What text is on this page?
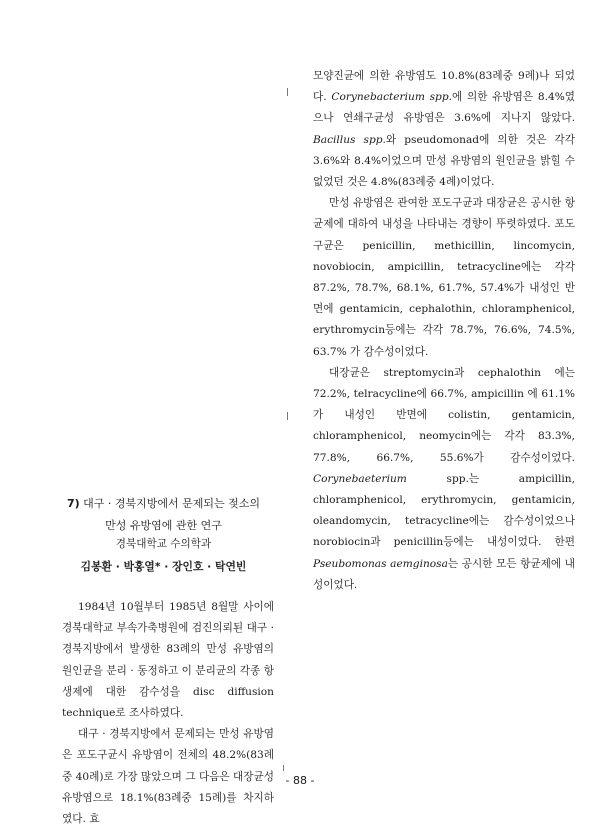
모양진균에 의한 유방염도 10.8%(83례중 9례)나 되었다. Corynebacterium spp.에 의한 유방염은 8.4%였으나 연쇄구균성 유방염은 3.6%에 지나지 않았다. Bacillus spp.와 pseudomonad에 의한 것은 각각 3.6%와 8.4%이었으며 만성 유방염의 원인균을 밝힐 수 없었던 것은 4.8%(83례중 4례)이었다.

만성 유방염은 관여한 포도구균과 대장균은 공시한 항균제에 대하여 내성을 나타내는 경향이 뚜렷하였다. 포도구균은 penicillin, methicillin, lincomycin, novobiocin, ampicillin, tetracycline에는 각각 87.2%, 78.7%, 68.1%, 61.7%, 57.4%가 내성인 반면에 gentamicin, cephalothin, chloramphenicol, erythromycin등에는 각각 78.7%, 76.6%, 74.5%, 63.7% 가 감수성이었다.

대장균은 streptomycin과 cephalothin 에는 72.2%, telracycline에 66.7%, ampicillin 에 61.1%가 내성인 반면에 colistin, gentamicin, chloramphenicol, neomycin에는 각각 83.3%, 77.8%, 66.7%, 55.6%가 감수성이었다. Corynebaeterium spp.는 ampicillin, chloramphenicol, erythromycin, gentamicin, oleandomycin, tetracycline에는 감수성이었으나 norobiocin과 penicillin등에는 내성이었다. 한편 Pseubomonas aemginosa는 공시한 모든 항균제에 내성이었다.

7) 대구 · 경북지방에서 문제되는 젖소의
만성 유방염에 관한 연구
경북대학교 수의학과
김봉환 · 박홍열* · 장인호 · 탁연빈

1984년 10월부터 1985년 8월말 사이에 경북대학교 부속가축병원에 검진의뢰된 대구 · 경북지방에서 발생한 83례의 만성 유방염의 원인균을 분리 · 동정하고 이 분리균의 각종 항생제에 대한 감수성을 disc diffusion technique로 조사하였다.

대구 · 경북지방에서 문제되는 만성 유방염은 포도구균시 유방염이 전체의 48.2%(83례중 40례)로 가장 많았으며 그 다음은 대장균성 유방염으로 18.1%(83례중 15례)를 차지하였다. 효

- 88 -
